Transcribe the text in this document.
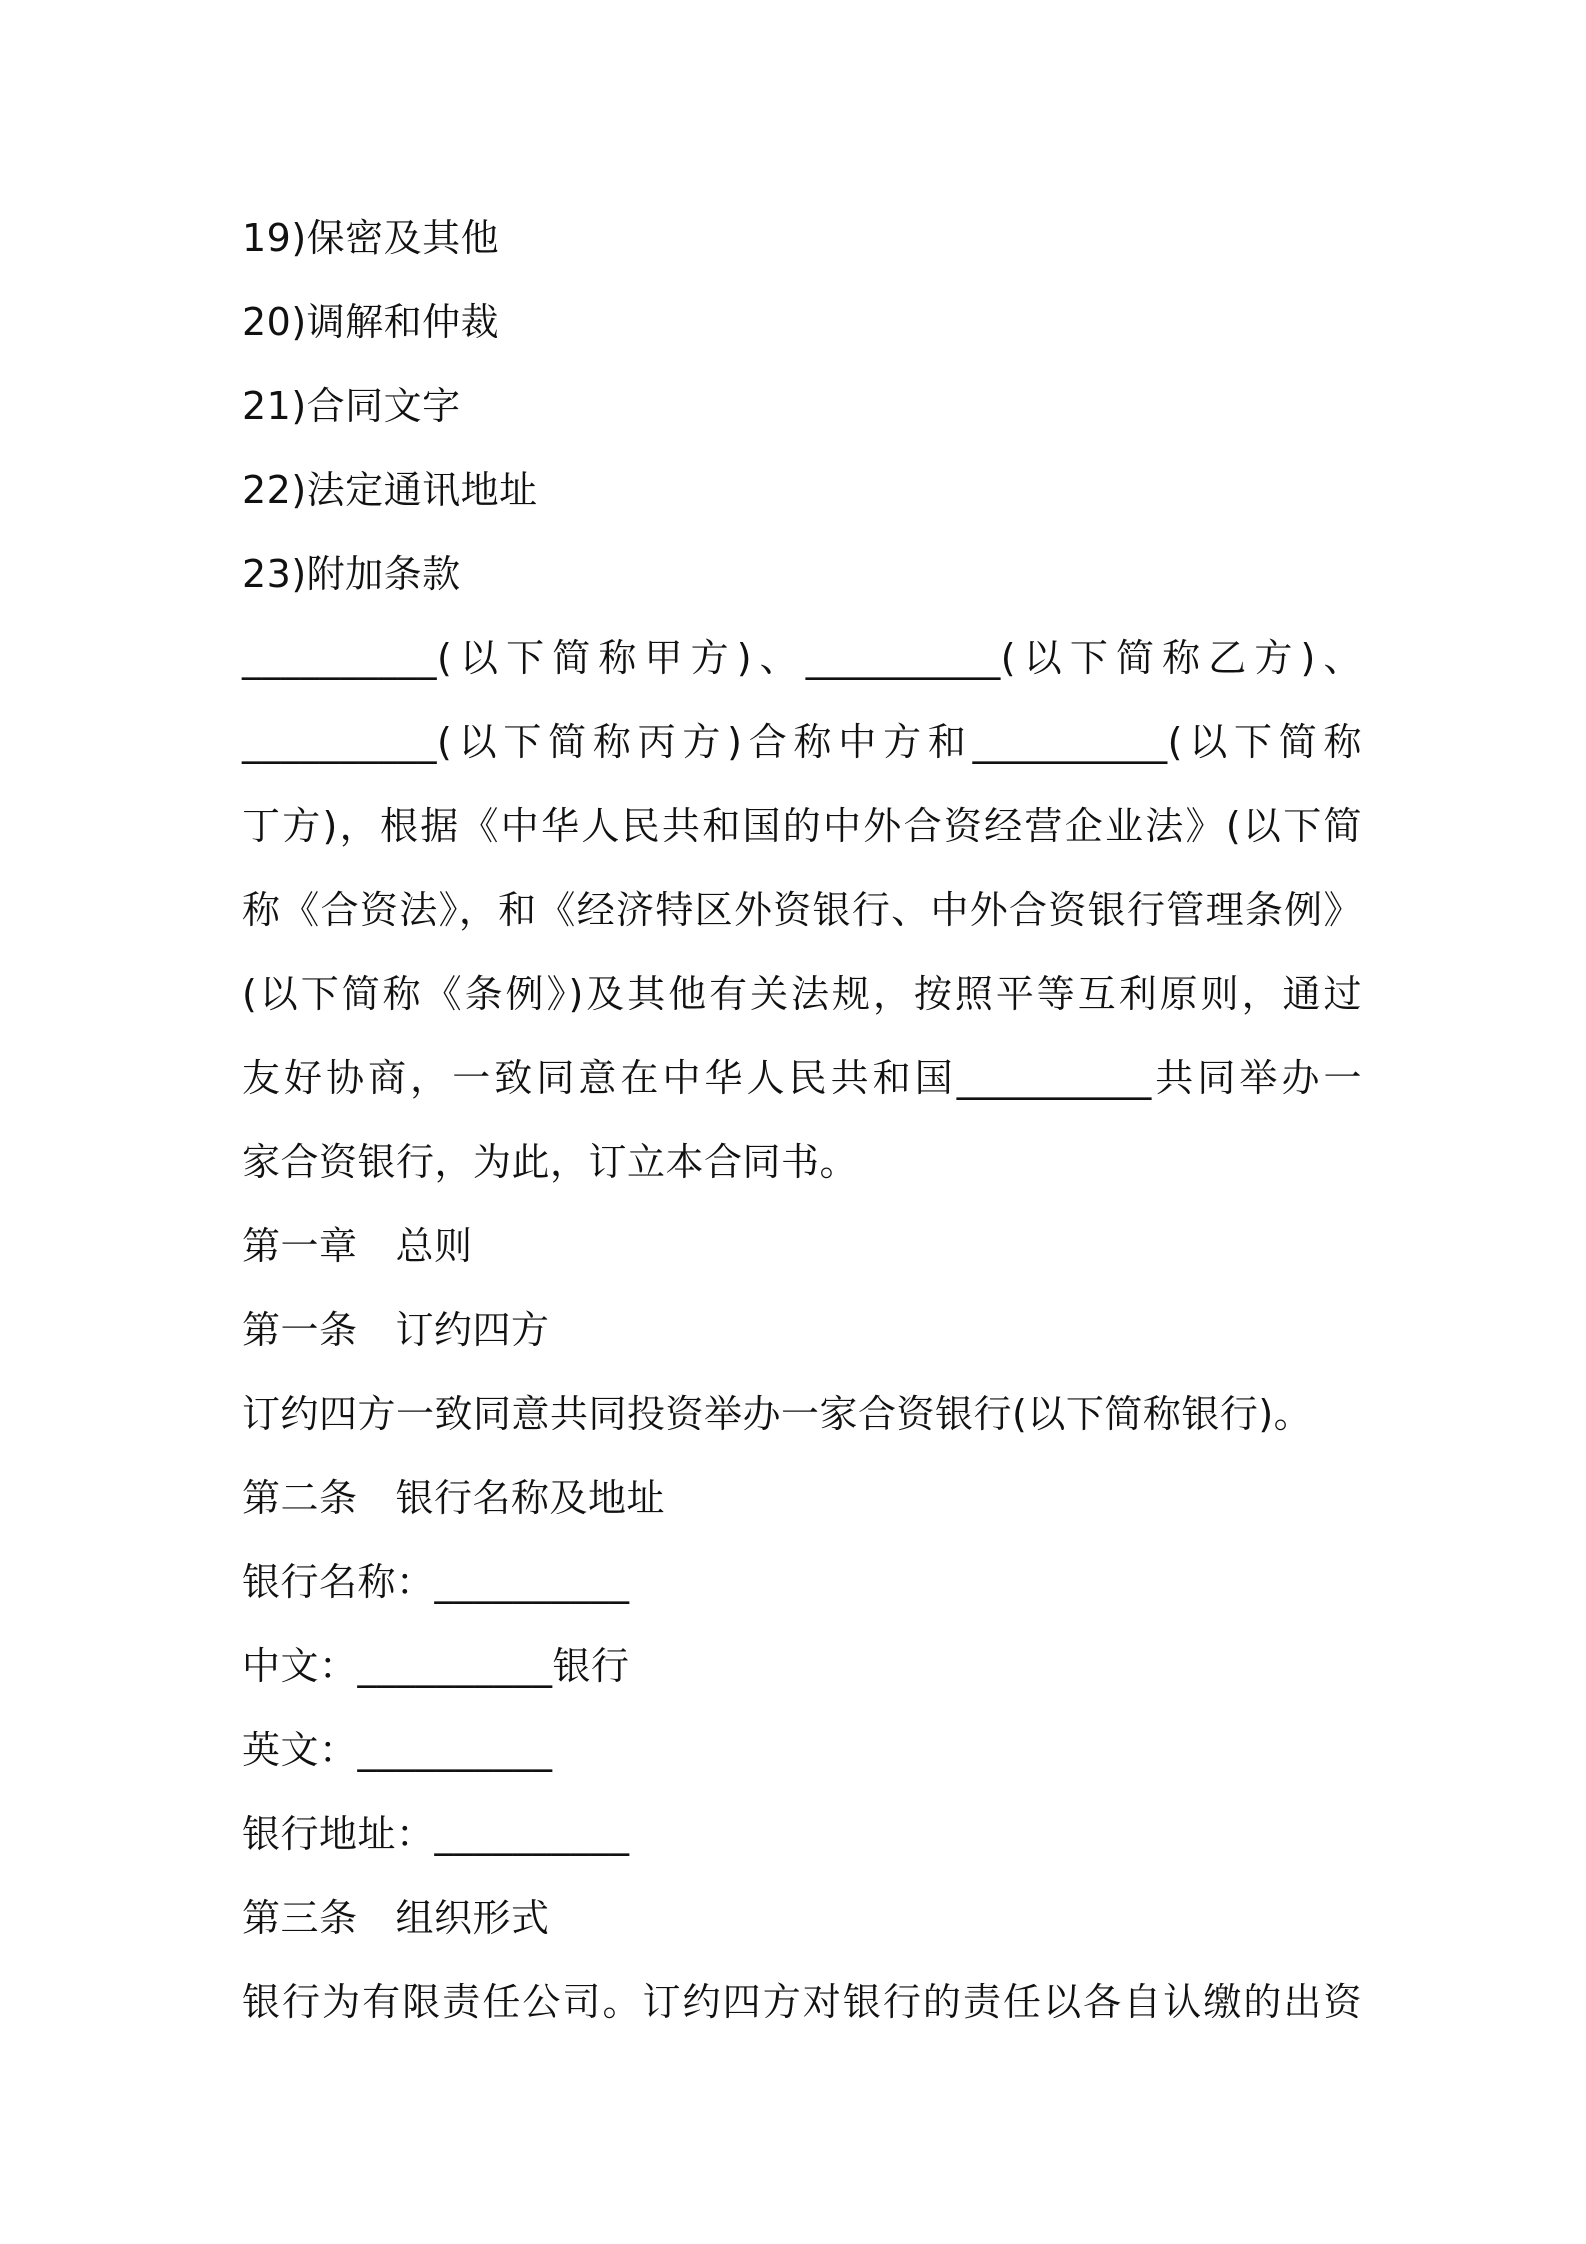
19)保密及其他
20)调解和仲裁
21)合同文字
22)法定通讯地址
23)附加条款
__________(以下简称甲方)、__________(以下简称乙方)、
__________(以下简称丙方)合称中方和__________(以下简称
丁方)，根据《中华人民共和国的中外合资经营企业法》(以下简
称《合资法》，和《经济特区外资银行、中外合资银行管理条例》
(以下简称《条例》)及其他有关法规，按照平等互利原则，通过
友好协商，一致同意在中华人民共和国__________共同举办一
家合资银行，为此，订立本合同书。
第一章 总则
第一条 订约四方
订约四方一致同意共同投资举办一家合资银行(以下简称银行)。
第二条 银行名称及地址
银行名称：__________
中文：__________银行
英文：__________
银行地址：__________
第三条 组织形式
银行为有限责任公司。订约四方对银行的责任以各自认缴的出资
